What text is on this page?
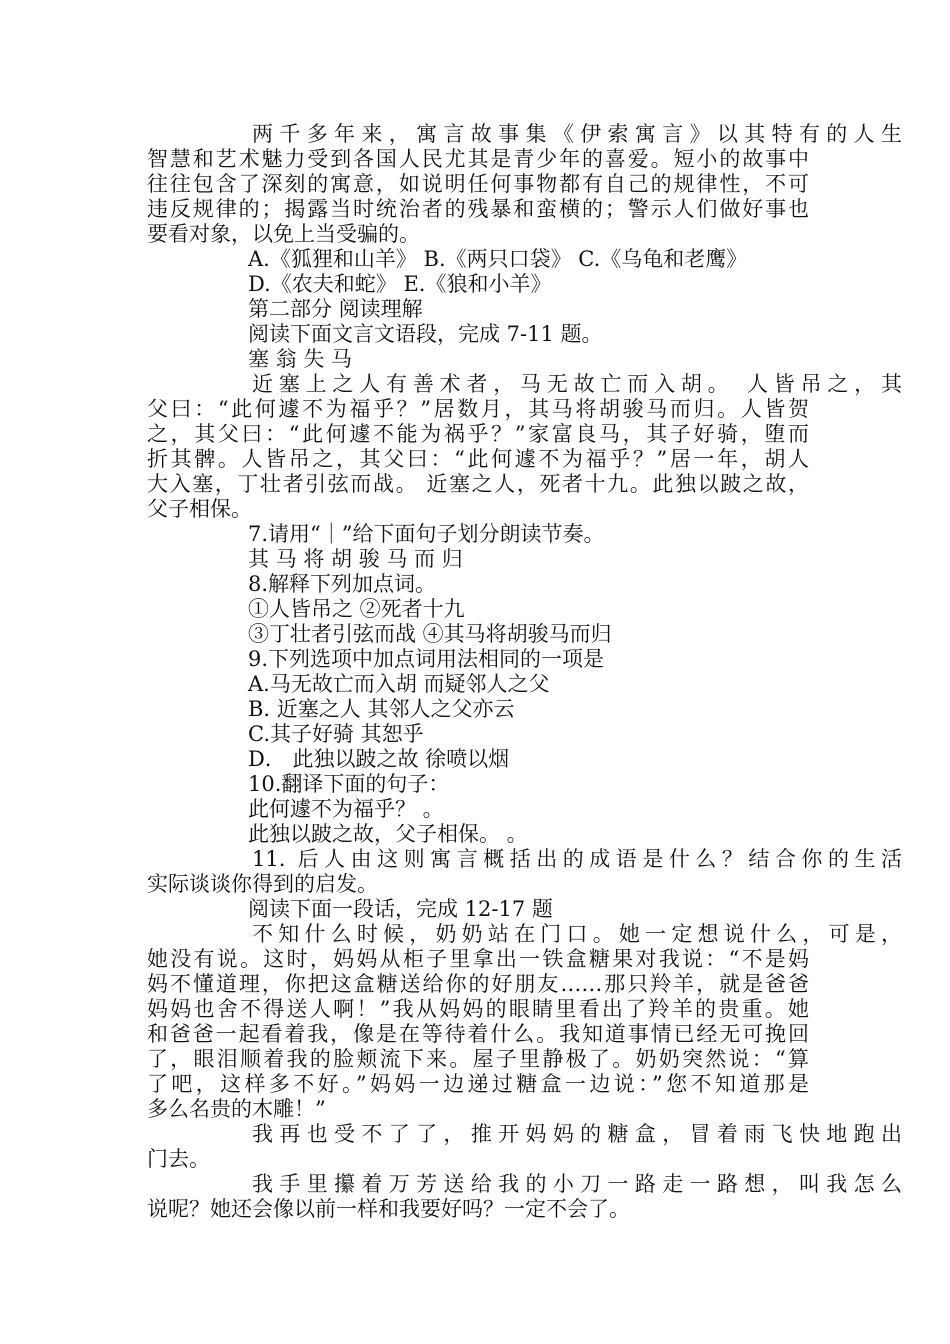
两千多年来，寓言故事集《伊索寓言》以其特有的人生
智慧和艺术魅力受到各国人民尤其是青少年的喜爱。短小的故事中
往往包含了深刻的寓意，如说明任何事物都有自己的规律性，不可
违反规律的；揭露当时统治者的残暴和蛮横的；警示人们做好事也
要看对象，以免上当受骗的。
A.《狐狸和山羊》 B.《两只口袋》 C.《乌龟和老鹰》
D.《农夫和蛇》 E.《狼和小羊》
第二部分 阅读理解
阅读下面文言文语段，完成 7-11 题。
塞 翁 失 马
近塞上之人有善术者，马无故亡而入胡。 人皆吊之，其
父曰：“此何遽不为福乎？”居数月，其马将胡骏马而归。人皆贺
之，其父曰：“此何遽不能为祸乎？”家富良马，其子好骑，堕而
折其髀。人皆吊之，其父曰：“此何遽不为福乎？”居一年，胡人
大入塞，丁壮者引弦而战。 近塞之人，死者十九。此独以跛之故，
父子相保。
7.请用“｜”给下面句子划分朗读节奏。
其 马 将 胡 骏 马 而 归
8.解释下列加点词。
①人皆吊之 ②死者十九
③丁壮者引弦而战 ④其马将胡骏马而归
9.下列选项中加点词用法相同的一项是
A.马无故亡而入胡 而疑邻人之父
B. 近塞之人 其邻人之父亦云
C.其子好骑 其恕乎
D． 此独以跛之故 徐喷以烟
10.翻译下面的句子：
此何遽不为福乎？ 。
此独以跛之故，父子相保。 。
11. 后人由这则寓言概括出的成语是什么？结合你的生活
实际谈谈你得到的启发。
阅读下面一段话，完成 12-17 题
不知什么时候，奶奶站在门口。她一定想说什么，可是，
她没有说。这时，妈妈从柜子里拿出一铁盒糖果对我说：“不是妈
妈不懂道理，你把这盒糖送给你的好朋友……那只羚羊，就是爸爸
妈妈也舍不得送人啊！”我从妈妈的眼睛里看出了羚羊的贵重。她
和爸爸一起看着我，像是在等待着什么。我知道事情已经无可挽回
了，眼泪顺着我的脸颊流下来。屋子里静极了。奶奶突然说：“算
了吧，这样多不好。”妈妈一边递过糖盒一边说：”您不知道那是
多么名贵的木雕！”
我再也受不了了，推开妈妈的糖盒，冒着雨飞快地跑出
门去。
我手里攥着万芳送给我的小刀一路走一路想，叫我怎么
说呢？她还会像以前一样和我要好吗？一定不会了。
